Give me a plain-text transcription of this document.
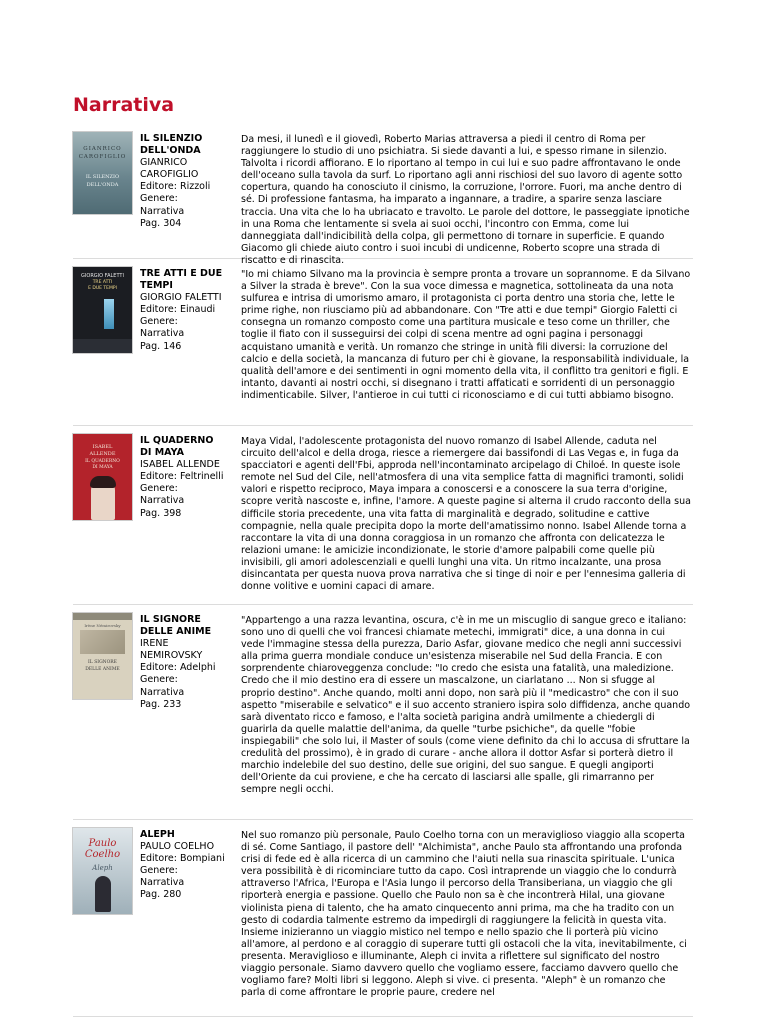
Narrativa
GIANRICO
CAROFIGLIO
IL SILENZIO
DELL'ONDA
IL SILENZIO DELL'ONDA
GIANRICO CAROFIGLIO
Editore: Rizzoli
Genere:
Narrativa
Pag. 304
Da mesi, il lunedì e il giovedì, Roberto Marias attraversa a piedi il centro di Roma per raggiungere lo studio di uno psichiatra. Si siede davanti a lui, e spesso rimane in silenzio. Talvolta i ricordi affiorano. E lo riportano al tempo in cui lui e suo padre affrontavano le onde dell'oceano sulla tavola da surf. Lo riportano agli anni rischiosi del suo lavoro di agente sotto copertura, quando ha conosciuto il cinismo, la corruzione, l'orrore. Fuori, ma anche dentro di sé. Di professione fantasma, ha imparato a ingannare, a tradire, a sparire senza lasciare traccia. Una vita che lo ha ubriacato e travolto. Le parole del dottore, le passeggiate ipnotiche in una Roma che lentamente si svela ai suoi occhi, l'incontro con Emma, come lui danneggiata dall'indicibilità della colpa, gli permettono di tornare in superficie. E quando Giacomo gli chiede aiuto contro i suoi incubi di undicenne, Roberto scopre una strada di riscatto e di rinascita.
GIORGIO FALETTI
TRE ATTI
E DUE TEMPI
TRE ATTI E DUE TEMPI
GIORGIO FALETTI
Editore: Einaudi
Genere:
Narrativa
Pag. 146
"Io mi chiamo Silvano ma la provincia è sempre pronta a trovare un soprannome. E da Silvano a Silver la strada è breve". Con la sua voce dimessa e magnetica, sottolineata da una nota sulfurea e intrisa di umorismo amaro, il protagonista ci porta dentro una storia che, lette le prime righe, non riusciamo più ad abbandonare. Con "Tre atti e due tempi" Giorgio Faletti ci consegna un romanzo composto come una partitura musicale e teso come un thriller, che toglie il fiato con il susseguirsi dei colpi di scena mentre ad ogni pagina i personaggi acquistano umanità e verità. Un romanzo che stringe in unità fili diversi: la corruzione del calcio e della società, la mancanza di futuro per chi è giovane, la responsabilità individuale, la qualità dell'amore e dei sentimenti in ogni momento della vita, il conflitto tra genitori e figli. E intanto, davanti ai nostri occhi, si disegnano i tratti affaticati e sorridenti di un personaggio indimenticabile. Silver, l'antieroe in cui tutti ci riconosciamo e di cui tutti abbiamo bisogno.
ISABEL
ALLENDE
IL QUADERNO
DI MAYA
IL QUADERNO DI MAYA
ISABEL ALLENDE
Editore: Feltrinelli
Genere:
Narrativa
Pag. 398
Maya Vidal, l'adolescente protagonista del nuovo romanzo di Isabel Allende, caduta nel circuito dell'alcol e della droga, riesce a riemergere dai bassifondi di Las Vegas e, in fuga da spacciatori e agenti dell'Fbi, approda nell'incontaminato arcipelago di Chiloé. In queste isole remote nel Sud del Cile, nell'atmosfera di una vita semplice fatta di magnifici tramonti, solidi valori e rispetto reciproco, Maya impara a conoscersi e a conoscere la sua terra d'origine, scopre verità nascoste e, infine, l'amore. A queste pagine si alterna il crudo racconto della sua difficile storia precedente, una vita fatta di marginalità e degrado, solitudine e cattive compagnie, nella quale precipita dopo la morte dell'amatissimo nonno. Isabel Allende torna a raccontare la vita di una donna coraggiosa in un romanzo che affronta con delicatezza le relazioni umane: le amicizie incondizionate, le storie d'amore palpabili come quelle più invisibili, gli amori adolescenziali e quelli lunghi una vita. Un ritmo incalzante, una prosa disincantata per questa nuova prova narrativa che si tinge di noir e per l'ennesima galleria di donne volitive e uomini capaci di amare.
Irène Némirovsky
IL SIGNORE
DELLE ANIME
IL SIGNORE DELLE ANIME
IRENE NEMIROVSKY
Editore: Adelphi
Genere:
Narrativa
Pag. 233
"Appartengo a una razza levantina, oscura, c'è in me un miscuglio di sangue greco e italiano: sono uno di quelli che voi francesi chiamate metechi, immigrati" dice, a una donna in cui vede l'immagine stessa della purezza, Dario Asfar, giovane medico che negli anni successivi alla prima guerra mondiale conduce un'esistenza miserabile nel Sud della Francia. E con sorprendente chiaroveggenza conclude: "Io credo che esista una fatalità, una maledizione. Credo che il mio destino era di essere un mascalzone, un ciarlatano ... Non si sfugge al proprio destino". Anche quando, molti anni dopo, non sarà più il "medicastro" che con il suo aspetto "miserabile e selvatico" e il suo accento straniero ispira solo diffidenza, anche quando sarà diventato ricco e famoso, e l'alta società parigina andrà umilmente a chiedergli di guarirla da quelle malattie dell'anima, da quelle "turbe psichiche", da quelle "fobie inspiegabili" che solo lui, il Master of souls (come viene definito da chi lo accusa di sfruttare la credulità del prossimo), è in grado di curare - anche allora il dottor Asfar si porterà dietro il marchio indelebile del suo destino, delle sue origini, del suo sangue. E quegli angiporti dell'Oriente da cui proviene, e che ha cercato di lasciarsi alle spalle, gli rimarranno per sempre negli occhi.
Paulo
Coelho
Aleph
ALEPH
PAULO COELHO
Editore: Bompiani
Genere:
Narrativa
Pag. 280
Nel suo romanzo più personale, Paulo Coelho torna con un meraviglioso viaggio alla scoperta di sé. Come Santiago, il pastore dell' "Alchimista", anche Paulo sta affrontando una profonda crisi di fede ed è alla ricerca di un cammino che l'aiuti nella sua rinascita spirituale. L'unica vera possibilità è di ricominciare tutto da capo. Così intraprende un viaggio che lo condurrà attraverso l'Africa, l'Europa e l'Asia lungo il percorso della Transiberiana, un viaggio che gli riporterà energia e passione. Quello che Paulo non sa è che incontrerà Hilal, una giovane violinista piena di talento, che ha amato cinquecento anni prima, ma che ha tradito con un gesto di codardia talmente estremo da impedirgli di raggiungere la felicità in questa vita. Insieme inizieranno un viaggio mistico nel tempo e nello spazio che li porterà più vicino all'amore, al perdono e al coraggio di superare tutti gli ostacoli che la vita, inevitabilmente, ci presenta. Meraviglioso e illuminante, Aleph ci invita a riflettere sul significato del nostro viaggio personale. Siamo davvero quello che vogliamo essere, facciamo davvero quello che vogliamo fare? Molti libri si leggono. Aleph si vive. ci presenta. "Aleph" è un romanzo che parla di come affrontare le proprie paure, credere nel
